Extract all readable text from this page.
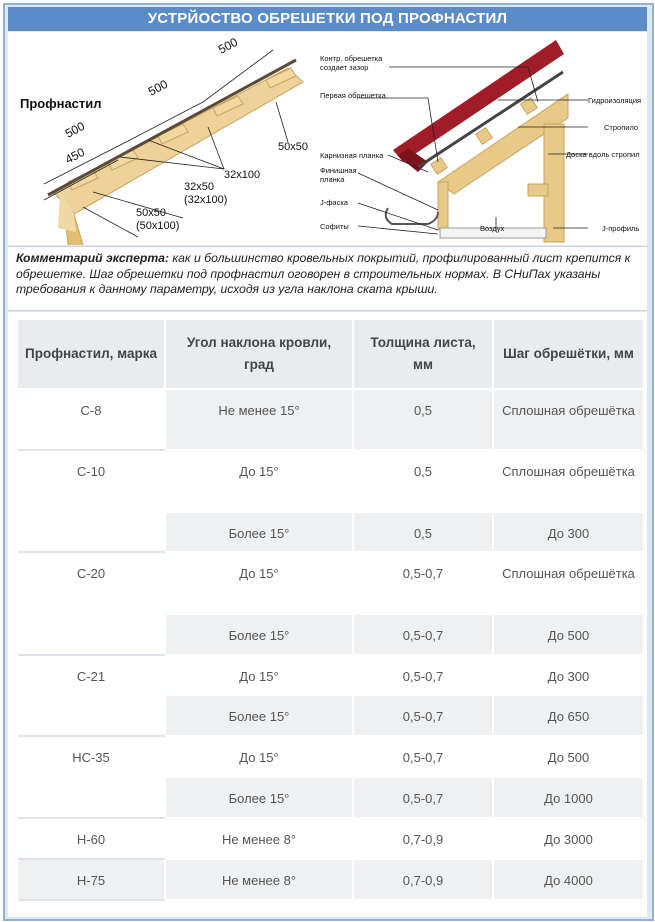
УСТРЙОСТВО ОБРЕШЕТКИ ПОД ПРОФНАСТИЛ
Профнастил
500
500
500
450	50x50
32x100
32x50
(32x100)
50x50
(50x100)
Контр. обрешетка
создает зазор
Первая обрешетка
Карнизная планка
Финишная
планка
J-фаска
Софиты
Гидроизоляция
Стропило
Доска вдоль стропил
J-профиль
Воздух
Комментарий эксперта: как и большинство кровельных покрытий, профилированный лист крепится к обрешетке. Шаг обрешетки под профнастил оговорен в строительных нормах. В СНиПах указаны требования к данному параметру, исходя из угла наклона ската крыши.
Профнастил, марка	Угол наклона кровли, град	Толщина листа, мм	Шаг обрешётки, мм
С-8	Не менее 15°	0,5	Сплошная обрешётка
С-10	До 15°	0,5	Сплошная обрешётка
	Более 15°	0,5	До 300
С-20	До 15°	0,5-0,7	Сплошная обрешётка
	Более 15°	0,5-0,7	До 500
С-21	До 15°	0,5-0,7	До 300
	Более 15°	0,5-0,7	До 650
НС-35	До 15°	0,5-0,7	До 500
	Более 15°	0,5-0,7	До 1000
Н-60	Не менее 8°	0,7-0,9	До 3000
Н-75	Не менее 8°	0,7-0,9	До 4000
